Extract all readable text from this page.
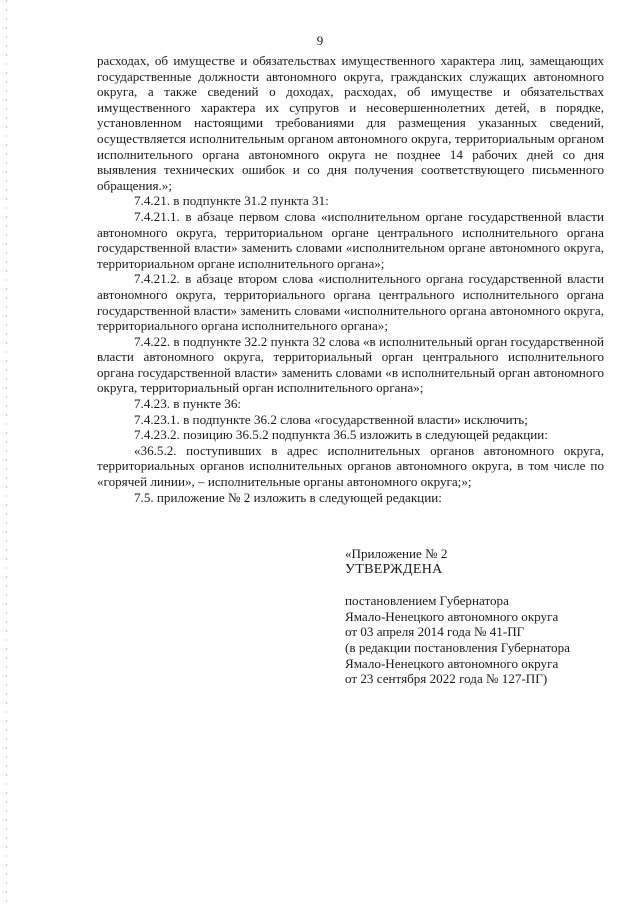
9

расходах, об имуществе и обязательствах имущественного характера лиц, замещающих государственные должности автономного округа, гражданских служащих автономного округа, а также сведений о доходах, расходах, об имуществе и обязательствах имущественного характера их супругов и несовершеннолетних детей, в порядке, установленном настоящими требованиями для размещения указанных сведений, осуществляется исполнительным органом автономного округа, территориальным органом исполнительного органа автономного округа не позднее 14 рабочих дней со дня выявления технических ошибок и со дня получения соответствующего письменного обращения.»;

7.4.21. в подпункте 31.2 пункта 31:

7.4.21.1. в абзаце первом слова «исполнительном органе государственной власти автономного округа, территориальном органе центрального исполнительного органа государственной власти» заменить словами «исполнительном органе автономного округа, территориальном органе исполнительного органа»;

7.4.21.2. в абзаце втором слова «исполнительного органа государственной власти автономного округа, территориального органа центрального исполнительного органа государственной власти» заменить словами «исполнительного органа автономного округа, территориального органа исполнительного органа»;

7.4.22. в подпункте 32.2 пункта 32 слова «в исполнительный орган государственной власти автономного округа, территориальный орган центрального исполнительного органа государственной власти» заменить словами «в исполнительный орган автономного округа, территориальный орган исполнительного органа»;

7.4.23. в пункте 36:

7.4.23.1. в подпункте 36.2 слова «государственной власти» исключить;

7.4.23.2. позицию 36.5.2 подпункта 36.5 изложить в следующей редакции:

«36.5.2. поступивших в адрес исполнительных органов автономного округа, территориальных органов исполнительных органов автономного округа, в том числе по «горячей линии», – исполнительные органы автономного округа;»;

7.5. приложение № 2 изложить в следующей редакции:

«Приложение № 2

УТВЕРЖДЕНА

постановлением Губернатора

Ямало-Ненецкого автономного округа

от 03 апреля 2014 года № 41-ПГ

(в редакции постановления Губернатора

Ямало-Ненецкого автономного округа

от 23 сентября 2022 года № 127-ПГ)
